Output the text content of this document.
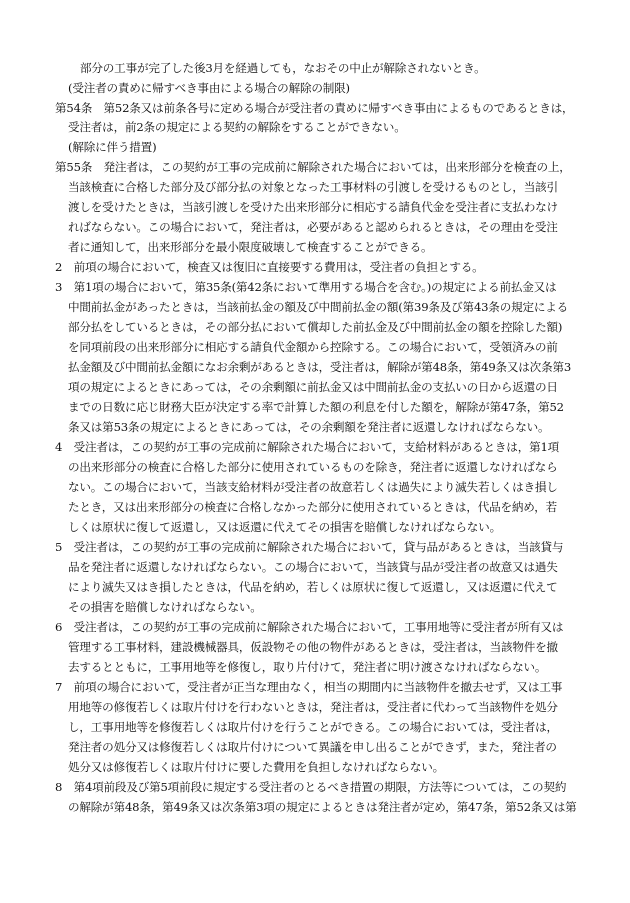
部分の工事が完了した後3月を経過しても，なおその中止が解除されないとき。
(受注者の責めに帰すべき事由による場合の解除の制限)
第54条　第52条又は前条各号に定める場合が受注者の責めに帰すべき事由によるものであるときは，
受注者は，前2条の規定による契約の解除をすることができない。
(解除に伴う措置)
第55条　発注者は，この契約が工事の完成前に解除された場合においては，出来形部分を検査の上，
当該検査に合格した部分及び部分払の対象となった工事材料の引渡しを受けるものとし，当該引
渡しを受けたときは，当該引渡しを受けた出来形部分に相応する請負代金を受注者に支払わなけ
ればならない。この場合において，発注者は，必要があると認められるときは，その理由を受注
者に通知して，出来形部分を最小限度破壊して検査することができる。
2　前項の場合において，検査又は復旧に直接要する費用は，受注者の負担とする。
3　第1項の場合において，第35条(第42条において準用する場合を含む。)の規定による前払金又は
中間前払金があったときは，当該前払金の額及び中間前払金の額(第39条及び第43条の規定による
部分払をしているときは，その部分払において償却した前払金及び中間前払金の額を控除した額)
を同項前段の出来形部分に相応する請負代金額から控除する。この場合において，受領済みの前
払金額及び中間前払金額になお余剰があるときは，受注者は，解除が第48条，第49条又は次条第3
項の規定によるときにあっては，その余剰額に前払金又は中間前払金の支払いの日から返還の日
までの日数に応じ財務大臣が決定する率で計算した額の利息を付した額を，解除が第47条，第52
条又は第53条の規定によるときにあっては，その余剰額を発注者に返還しなければならない。
4　受注者は，この契約が工事の完成前に解除された場合において，支給材料があるときは，第1項
の出来形部分の検査に合格した部分に使用されているものを除き，発注者に返還しなければなら
ない。この場合において，当該支給材料が受注者の故意若しくは過失により滅失若しくはき損し
たとき，又は出来形部分の検査に合格しなかった部分に使用されているときは，代品を納め，若
しくは原状に復して返還し，又は返還に代えてその損害を賠償しなければならない。
5　受注者は，この契約が工事の完成前に解除された場合において，貸与品があるときは，当該貸与
品を発注者に返還しなければならない。この場合において，当該貸与品が受注者の故意又は過失
により滅失又はき損したときは，代品を納め，若しくは原状に復して返還し，又は返還に代えて
その損害を賠償しなければならない。
6　受注者は，この契約が工事の完成前に解除された場合において，工事用地等に受注者が所有又は
管理する工事材料，建設機械器具，仮設物その他の物件があるときは，受注者は，当該物件を撤
去するとともに，工事用地等を修復し，取り片付けて，発注者に明け渡さなければならない。
7　前項の場合において，受注者が正当な理由なく，相当の期間内に当該物件を撤去せず，又は工事
用地等の修復若しくは取片付けを行わないときは，発注者は，受注者に代わって当該物件を処分
し，工事用地等を修復若しくは取片付けを行うことができる。この場合においては，受注者は，
発注者の処分又は修復若しくは取片付けについて異議を申し出ることができず，また，発注者の
処分又は修復若しくは取片付けに要した費用を負担しなければならない。
8　第4項前段及び第5項前段に規定する受注者のとるべき措置の期限，方法等については，この契約
の解除が第48条，第49条又は次条第3項の規定によるときは発注者が定め，第47条，第52条又は第
